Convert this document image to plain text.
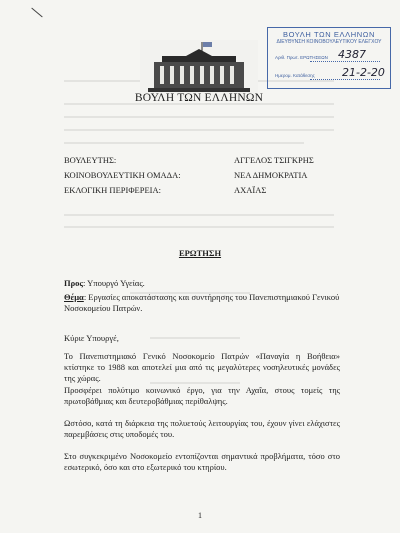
ΒΟΥΛΗ ΤΩΝ ΕΛΛΗΝΩΝ
ΒΟΥΛΗ ΤΩΝ ΕΛΛΗΝΩΝ
ΔΙΕΥΘΥΝΣΗ ΚΟΙΝΟΒΟΥΛΕΥΤΙΚΟΥ ΕΛΕΓΧΟΥ
Αριθ. Πρωτ. ΕΡΩΤΗΣΕΩΝ 4387
Ημερομ. Κατάθεσης 21-2-20
ΒΟΥΛΕΥΤΗΣ:	ΑΓΓΕΛΟΣ ΤΣΙΓΚΡΗΣ
ΚΟΙΝΟΒΟΥΛΕΥΤΙΚΗ ΟΜΑΔΑ:	ΝΕΑ ΔΗΜΟΚΡΑΤΙΑ
ΕΚΛΟΓΙΚΗ ΠΕΡΙΦΕΡΕΙΑ:	ΑΧΑΪΑΣ
ΕΡΩΤΗΣΗ
Προς: Υπουργό Υγείας.
Θέμα: Εργασίες αποκατάστασης και συντήρησης του Πανεπιστημιακού Γενικού Νοσοκομείου Πατρών.
Κύριε Υπουργέ,
Το Πανεπιστημιακό Γενικό Νοσοκομείο Πατρών «Παναγία η Βοήθεια» κτίστηκε το 1988 και αποτελεί μια από τις μεγαλύτερες νοσηλευτικές μονάδες της χώρας.
Προσφέρει πολύτιμο κοινωνικό έργο, για την Αχαΐα, στους τομείς της πρωτοβάθμιας και δευτεροβάθμιας περίθαλψης.
Ωστόσο, κατά τη διάρκεια της πολυετούς λειτουργίας του, έχουν γίνει ελάχιστες παρεμβάσεις στις υποδομές του.
Στο συγκεκριμένο Νοσοκομείο εντοπίζονται σημαντικά προβλήματα, τόσο στο εσωτερικό, όσο και στο εξωτερικό του κτηρίου.
1
